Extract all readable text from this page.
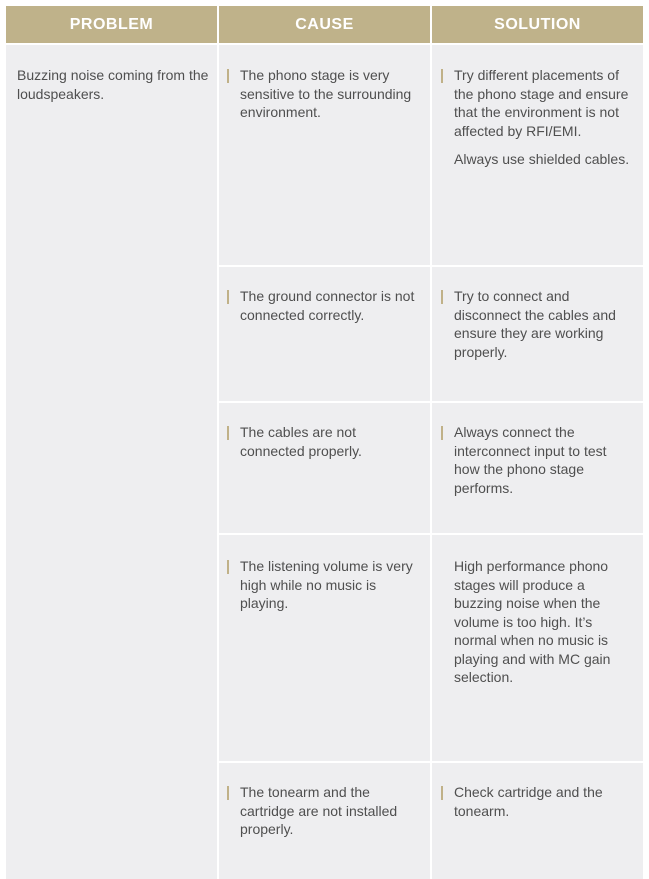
PROBLEM	CAUSE	SOLUTION
Buzzing noise coming from the loudspeakers.
The phono stage is very sensitive to the surrounding environment.
Try different placements of the phono stage and ensure that the environment is not affected by RFI/EMI.
Always use shielded cables.
The ground connector is not connected correctly.
Try to connect and disconnect the cables and ensure they are working properly.
The cables are not connected properly.
Always connect the interconnect input to test how the phono stage performs.
The listening volume is very high while no music is playing.
High performance phono stages will produce a buzzing noise when the volume is too high. It’s normal when no music is playing and with MC gain selection.
The tonearm and the cartridge are not installed properly.
Check cartridge and the tonearm.
